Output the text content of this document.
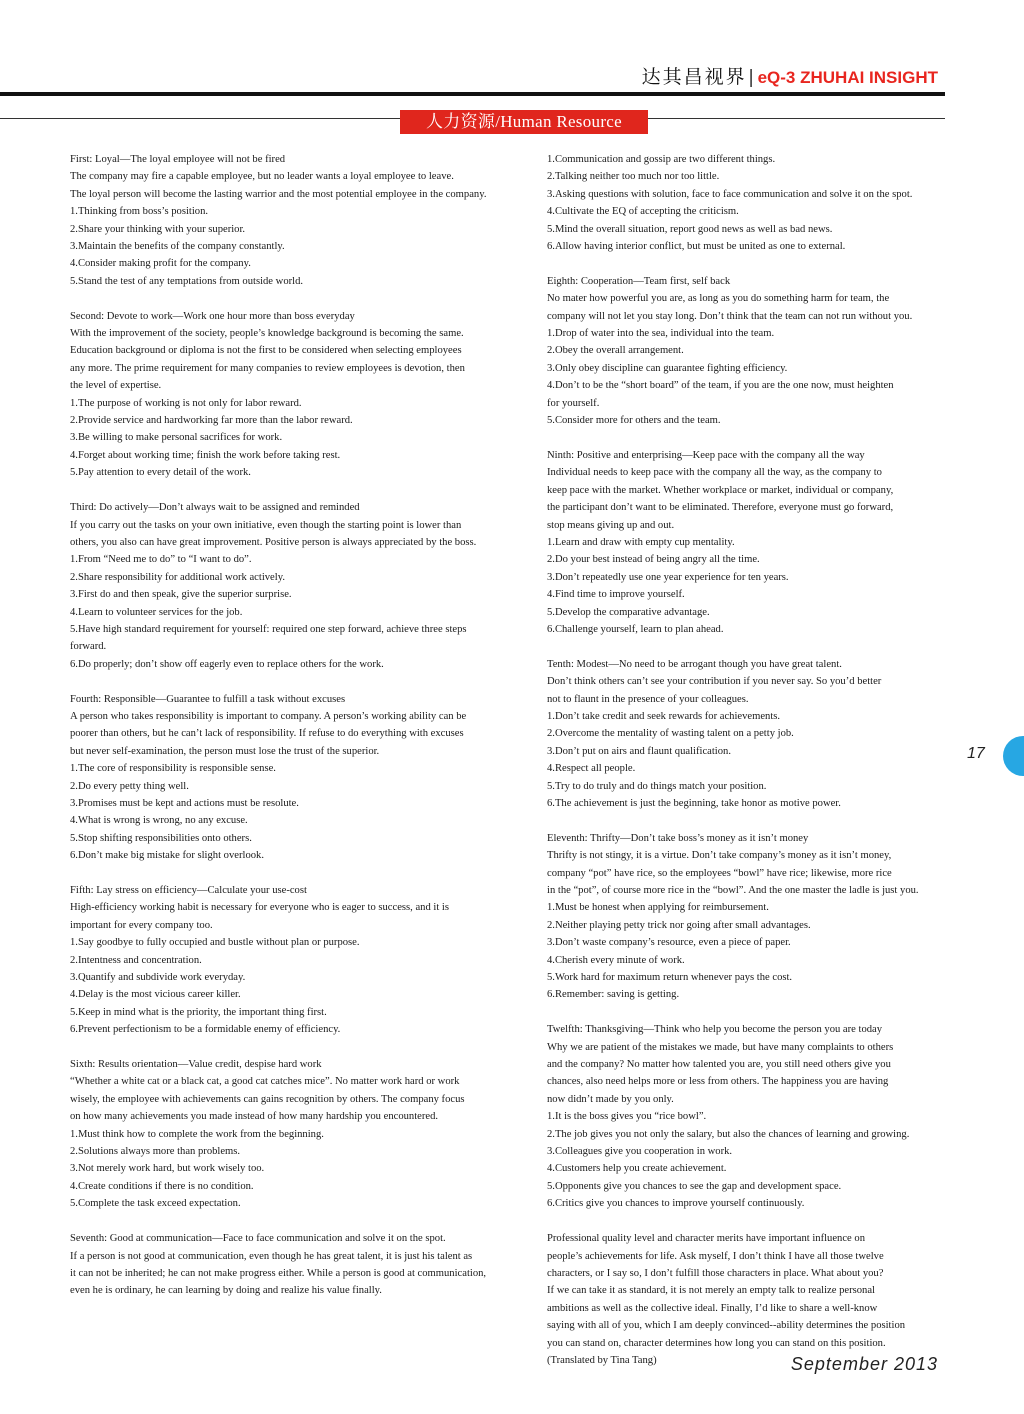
达其昌视界 | eQ-3 ZHUHAI INSIGHT
人力资源/Human Resource
First: Loyal—The loyal employee will not be fired
The company may fire a capable employee, but no leader wants a loyal employee to leave.
The loyal person will become the lasting warrior and the most potential employee in the company.
1.Thinking from boss’s position.
2.Share your thinking with your superior.
3.Maintain the benefits of the company constantly.
4.Consider making profit for the company.
5.Stand the test of any temptations from outside world.
Second: Devote to work—Work one hour more than boss everyday
With the improvement of the society, people’s knowledge background is becoming the same.
Education background or diploma is not the first to be considered when selecting employees
any more. The prime requirement for many companies to review employees is devotion, then
the level of expertise.
1.The purpose of working is not only for labor reward.
2.Provide service and hardworking far more than the labor reward.
3.Be willing to make personal sacrifices for work.
4.Forget about working time; finish the work before taking rest.
5.Pay attention to every detail of the work.
Third: Do actively—Don’t always wait to be assigned and reminded
If you carry out the tasks on your own initiative, even though the starting point is lower than
others, you also can have great improvement. Positive person is always appreciated by the boss.
1.From “Need me to do” to “I want to do”.
2.Share responsibility for additional work actively.
3.First do and then speak, give the superior surprise.
4.Learn to volunteer services for the job.
5.Have high standard requirement for yourself: required one step forward, achieve three steps
forward.
6.Do properly; don’t show off eagerly even to replace others for the work.
Fourth: Responsible—Guarantee to fulfill a task without excuses
A person who takes responsibility is important to company. A person’s working ability can be
poorer than others, but he can’t lack of responsibility. If refuse to do everything with excuses
but never self-examination, the person must lose the trust of the superior.
1.The core of responsibility is responsible sense.
2.Do every petty thing well.
3.Promises must be kept and actions must be resolute.
4.What is wrong is wrong, no any excuse.
5.Stop shifting responsibilities onto others.
6.Don’t make big mistake for slight overlook.
Fifth: Lay stress on efficiency—Calculate your use-cost
High-efficiency working habit is necessary for everyone who is eager to success, and it is
important for every company too.
1.Say goodbye to fully occupied and bustle without plan or purpose.
2.Intentness and concentration.
3.Quantify and subdivide work everyday.
4.Delay is the most vicious career killer.
5.Keep in mind what is the priority, the important thing first.
6.Prevent perfectionism to be a formidable enemy of efficiency.
Sixth: Results orientation—Value credit, despise hard work
“Whether a white cat or a black cat, a good cat catches mice”. No matter work hard or work
wisely, the employee with achievements can gains recognition by others. The company focus
on how many achievements you made instead of how many hardship you encountered.
1.Must think how to complete the work from the beginning.
2.Solutions always more than problems.
3.Not merely work hard, but work wisely too.
4.Create conditions if there is no condition.
5.Complete the task exceed expectation.
Seventh: Good at communication—Face to face communication and solve it on the spot.
If a person is not good at communication, even though he has great talent, it is just his talent as
it can not be inherited; he can not make progress either. While a person is good at communication,
even he is ordinary, he can learning by doing and realize his value finally.
1.Communication and gossip are two different things.
2.Talking neither too much nor too little.
3.Asking questions with solution, face to face communication and solve it on the spot.
4.Cultivate the EQ of accepting the criticism.
5.Mind the overall situation, report good news as well as bad news.
6.Allow having interior conflict, but must be united as one to external.
Eighth: Cooperation—Team first, self back
No mater how powerful you are, as long as you do something harm for team, the
company will not let you stay long. Don’t think that the team can not run without you.
1.Drop of water into the sea, individual into the team.
2.Obey the overall arrangement.
3.Only obey discipline can guarantee fighting efficiency.
4.Don’t to be the “short board” of the team, if you are the one now, must heighten
for yourself.
5.Consider more for others and the team.
Ninth: Positive and enterprising—Keep pace with the company all the way
Individual needs to keep pace with the company all the way, as the company to
keep pace with the market. Whether workplace or market, individual or company,
the participant don’t want to be eliminated. Therefore, everyone must go forward,
stop means giving up and out.
1.Learn and draw with empty cup mentality.
2.Do your best instead of being angry all the time.
3.Don’t repeatedly use one year experience for ten years.
4.Find time to improve yourself.
5.Develop the comparative advantage.
6.Challenge yourself, learn to plan ahead.
Tenth: Modest—No need to be arrogant though you have great talent.
Don’t think others can’t see your contribution if you never say. So you’d better
not to flaunt in the presence of your colleagues.
1.Don’t take credit and seek rewards for achievements.
2.Overcome the mentality of wasting talent on a petty job.
3.Don’t put on airs and flaunt qualification.
4.Respect all people.
5.Try to do truly and do things match your position.
6.The achievement is just the beginning, take honor as motive power.
Eleventh: Thrifty—Don’t take boss’s money as it isn’t money
Thrifty is not stingy, it is a virtue. Don’t take company’s money as it isn’t money,
company “pot” have rice, so the employees “bowl” have rice; likewise, more rice
in the “pot”, of course more rice in the “bowl”. And the one master the ladle is just you.
1.Must be honest when applying for reimbursement.
2.Neither playing petty trick nor going after small advantages.
3.Don’t waste company’s resource, even a piece of paper.
4.Cherish every minute of work.
5.Work hard for maximum return whenever pays the cost.
6.Remember: saving is getting.
Twelfth: Thanksgiving—Think who help you become the person you are today
Why we are patient of the mistakes we made, but have many complaints to others
and the company? No matter how talented you are, you still need others give you
chances, also need helps more or less from others. The happiness you are having
now didn’t made by you only.
1.It is the boss gives you “rice bowl”.
2.The job gives you not only the salary, but also the chances of learning and growing.
3.Colleagues give you cooperation in work.
4.Customers help you create achievement.
5.Opponents give you chances to see the gap and development space.
6.Critics give you chances to improve yourself continuously.
Professional quality level and character merits have important influence on
people’s achievements for life. Ask myself, I don’t think I have all those twelve
characters, or I say so, I don’t fulfill those characters in place. What about you?
If we can take it as standard, it is not merely an empty talk to realize personal
ambitions as well as the collective ideal. Finally, I’d like to share a well-know
saying with all of you, which I am deeply convinced--ability determines the position
you can stand on, character determines how long you can stand on this position.
(Translated by Tina Tang)
17
September 2013
